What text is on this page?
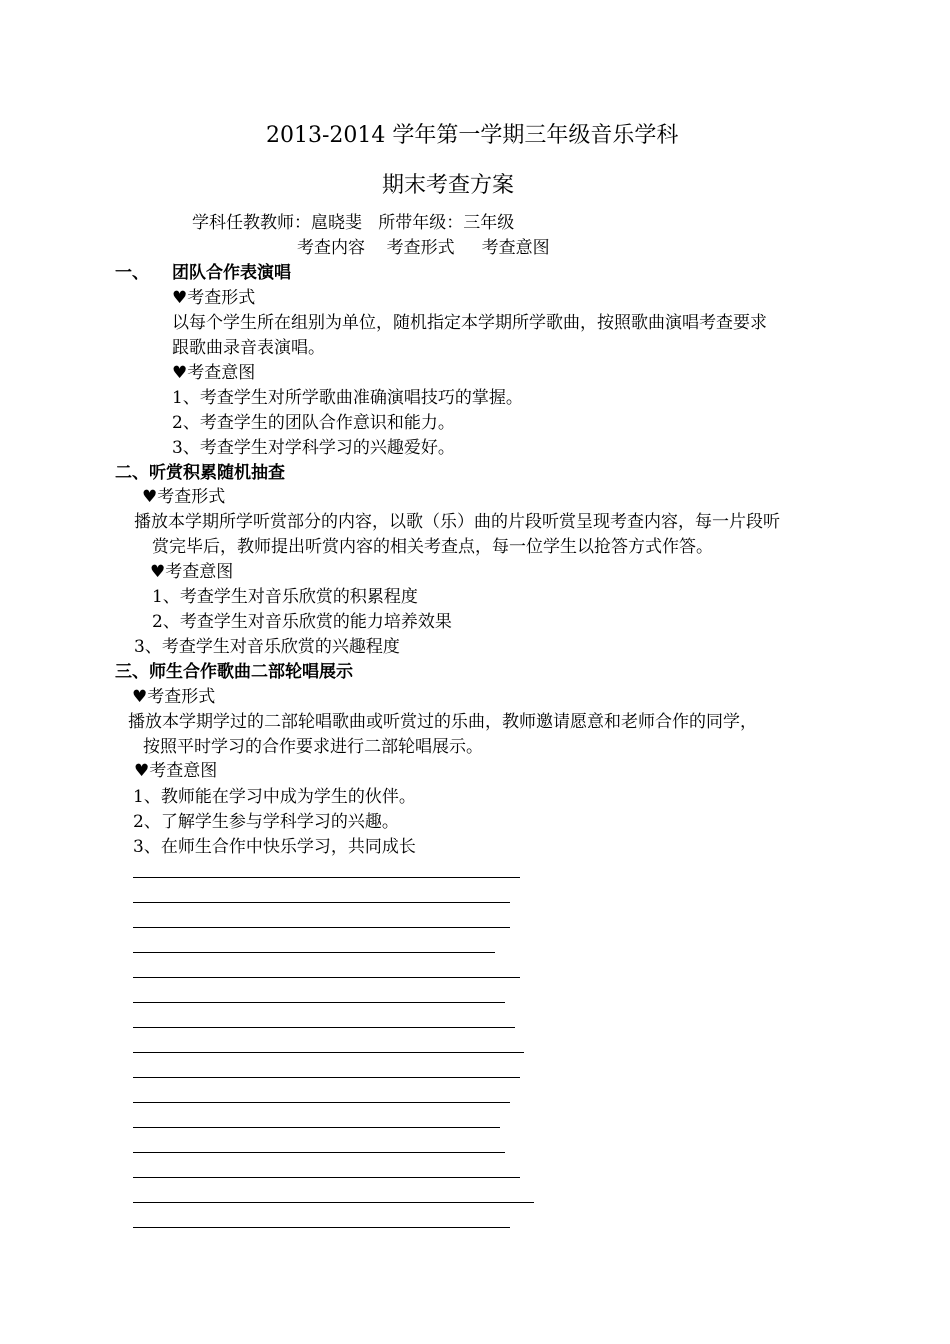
2013-2014 学年第一学期三年级音乐学科
期末考查方案
学科任教教师：扈晓斐   所带年级：三年级
考查内容    考查形式     考查意图
一、 团队合作表演唱
♥考查形式
以每个学生所在组别为单位，随机指定本学期所学歌曲，按照歌曲演唱考查要求
跟歌曲录音表演唱。
♥考查意图
1、考查学生对所学歌曲准确演唱技巧的掌握。
2、考查学生的团队合作意识和能力。
3、考查学生对学科学习的兴趣爱好。
二、听赏积累随机抽查
♥考查形式
播放本学期所学听赏部分的内容，以歌（乐）曲的片段听赏呈现考查内容，每一片段听
赏完毕后，教师提出听赏内容的相关考查点，每一位学生以抢答方式作答。
♥考查意图
1、考查学生对音乐欣赏的积累程度
2、考查学生对音乐欣赏的能力培养效果
3、考查学生对音乐欣赏的兴趣程度
三、师生合作歌曲二部轮唱展示
♥考查形式
播放本学期学过的二部轮唱歌曲或听赏过的乐曲，教师邀请愿意和老师合作的同学，
按照平时学习的合作要求进行二部轮唱展示。
♥考查意图
1、教师能在学习中成为学生的伙伴。
2、了解学生参与学科学习的兴趣。
3、在师生合作中快乐学习，共同成长
